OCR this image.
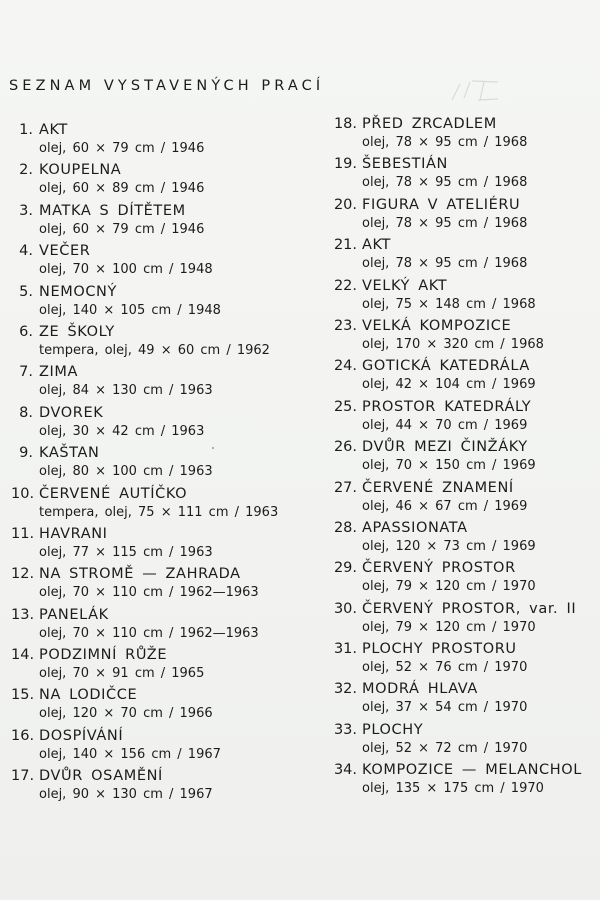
SEZNAM VYSTAVENÝCH PRACÍ
1. AKT
olej, 60 × 79 cm / 1946
2. KOUPELNA
olej, 60 × 89 cm / 1946
3. MATKA S DÍTĚTEM
olej, 60 × 79 cm / 1946
4. VEČER
olej, 70 × 100 cm / 1948
5. NEMOCNÝ
olej, 140 × 105 cm / 1948
6. ZE ŠKOLY
tempera, olej, 49 × 60 cm / 1962
7. ZIMA
olej, 84 × 130 cm / 1963
8. DVOREK
olej, 30 × 42 cm / 1963
9. KAŠTAN
olej, 80 × 100 cm / 1963
10. ČERVENÉ AUTÍČKO
tempera, olej, 75 × 111 cm / 1963
11. HAVRANI
olej, 77 × 115 cm / 1963
12. NA STROMĚ — ZAHRADA
olej, 70 × 110 cm / 1962—1963
13. PANELÁK
olej, 70 × 110 cm / 1962—1963
14. PODZIMNÍ RŮŽE
olej, 70 × 91 cm / 1965
15. NA LODIČCE
olej, 120 × 70 cm / 1966
16. DOSPÍVÁNÍ
olej, 140 × 156 cm / 1967
17. DVŮR OSAMĚNÍ
olej, 90 × 130 cm / 1967
18. PŘED ZRCADLEM
olej, 78 × 95 cm / 1968
19. ŠEBESTIÁN
olej, 78 × 95 cm / 1968
20. FIGURA V ATELIÉRU
olej, 78 × 95 cm / 1968
21. AKT
olej, 78 × 95 cm / 1968
22. VELKÝ AKT
olej, 75 × 148 cm / 1968
23. VELKÁ KOMPOZICE
olej, 170 × 320 cm / 1968
24. GOTICKÁ KATEDRÁLA
olej, 42 × 104 cm / 1969
25. PROSTOR KATEDRÁLY
olej, 44 × 70 cm / 1969
26. DVŮR MEZI ČINŽÁKY
olej, 70 × 150 cm / 1969
27. ČERVENÉ ZNAMENÍ
olej, 46 × 67 cm / 1969
28. APASSIONATA
olej, 120 × 73 cm / 1969
29. ČERVENÝ PROSTOR
olej, 79 × 120 cm / 1970
30. ČERVENÝ PROSTOR, var. II
olej, 79 × 120 cm / 1970
31. PLOCHY PROSTORU
olej, 52 × 76 cm / 1970
32. MODRÁ HLAVA
olej, 37 × 54 cm / 1970
33. PLOCHY
olej, 52 × 72 cm / 1970
34. KOMPOZICE — MELANCHOL
olej, 135 × 175 cm / 1970
